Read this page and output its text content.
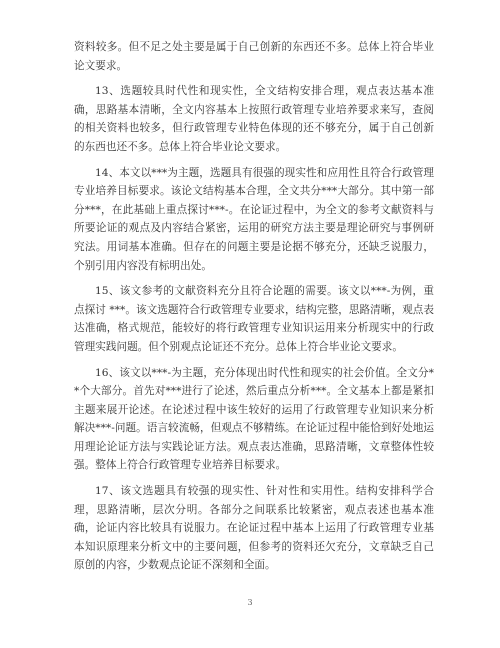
资料较多。但不足之处主要是属于自己创新的东西还不多。总体上符合毕业论文要求。

13、选题较具时代性和现实性，全文结构安排合理，观点表达基本准确，思路基本清晰，全文内容基本上按照行政管理专业培养要求来写，查阅的相关资料也较多，但行政管理专业特色体现的还不够充分，属于自己创新的东西也还不多。总体上符合毕业论文要求。

14、本文以***为主题，选题具有很强的现实性和应用性且符合行政管理专业培养目标要求。该论文结构基本合理，全文共分***大部分。其中第一部分***，在此基础上重点探讨***-。在论证过程中，为全文的参考文献资料与所要论证的观点及内容结合紧密，运用的研究方法主要是理论研究与事例研究法。用词基本准确。但存在的问题主要是论据不够充分，还缺乏说服力，个别引用内容没有标明出处。

15、该文参考的文献资料充分且符合论题的需要。该文以***-为例，重点探讨 ***。该文选题符合行政管理专业要求，结构完整，思路清晰，观点表达准确，格式规范，能较好的将行政管理专业知识运用来分析现实中的行政管理实践问题。但个别观点论证还不充分。总体上符合毕业论文要求。

16、该文以***-为主题，充分体现出时代性和现实的社会价值。全文分**个大部分。首先对***进行了论述，然后重点分析***。全文基本上都是紧扣主题来展开论述。在论述过程中该生较好的运用了行政管理专业知识来分析解决***-问题。语言较流畅，但观点不够精练。在论证过程中能恰到好处地运用理论论证方法与实践论证方法。观点表达准确，思路清晰，文章整体性较强。整体上符合行政管理专业培养目标要求。

17、该文选题具有较强的现实性、针对性和实用性。结构安排科学合理，思路清晰，层次分明。各部分之间联系比较紧密，观点表述也基本准确，论证内容比较具有说服力。在论证过程中基本上运用了行政管理专业基本知识原理来分析文中的主要问题，但参考的资料还欠充分，文章缺乏自己原创的内容，少数观点论证不深刻和全面。

3
